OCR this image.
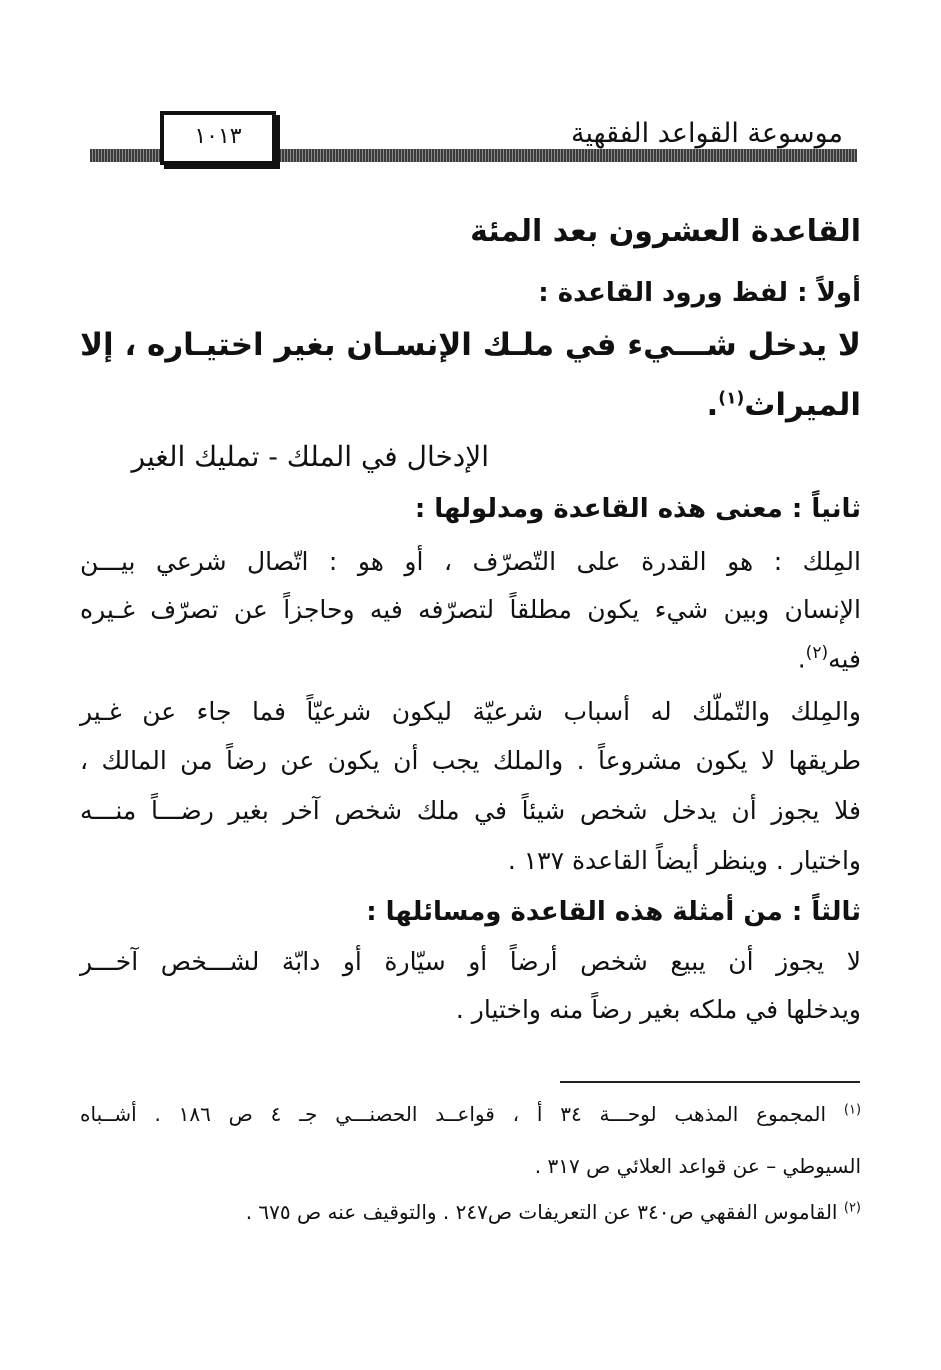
موسوعة القواعد الفقهية
١٠١٣
القاعدة العشرون بعد المئة
أولاً : لفظ ورود القاعدة :
لا يدخل شـــيء في ملـك الإنسـان بغير اختيـاره ، إلا
الميراث$^{(١)}$.
الإدخال في الملك - تمليك الغير
ثانياً : معنى هذه القاعدة ومدلولها :
المِلك : هو القدرة على التّصرّف ، أو هو : اتّصال شرعي بيـــن
الإنسان وبين شيء يكون مطلقاً لتصرّفه فيه وحاجزاً عن تصرّف غـيره
فيه$^{(٢)}$.
والمِلك والتّملّك له أسباب شرعيّة ليكون شرعيّاً فما جاء عن غـير
طريقها لا يكون مشروعاً . والملك يجب أن يكون عن رضاً من المالك ،
فلا يجوز أن يدخل شخص شيئاً في ملك شخص آخر بغير رضـــاً منـــه
واختيار . وينظر أيضاً القاعدة ١٣٧ .
ثالثاً : من أمثلة هذه القاعدة ومسائلها :
لا يجوز أن يبيع شخص أرضاً أو سيّارة أو دابّة لشـــخص آخـــر
ويدخلها في ملكه بغير رضاً منه واختيار .
$^{(١)}$ المجموع المذهب لوحـــة ٣٤ أ ، قواعــد الحصنـــي جـ ٤ ص ١٨٦ . أشــباه
السيوطي – عن قواعد العلائي ص ٣١٧ .
$^{(٢)}$ القاموس الفقهي ص٣٤٠ عن التعريفات ص٢٤٧ . والتوقيف عنه ص ٦٧٥ .
